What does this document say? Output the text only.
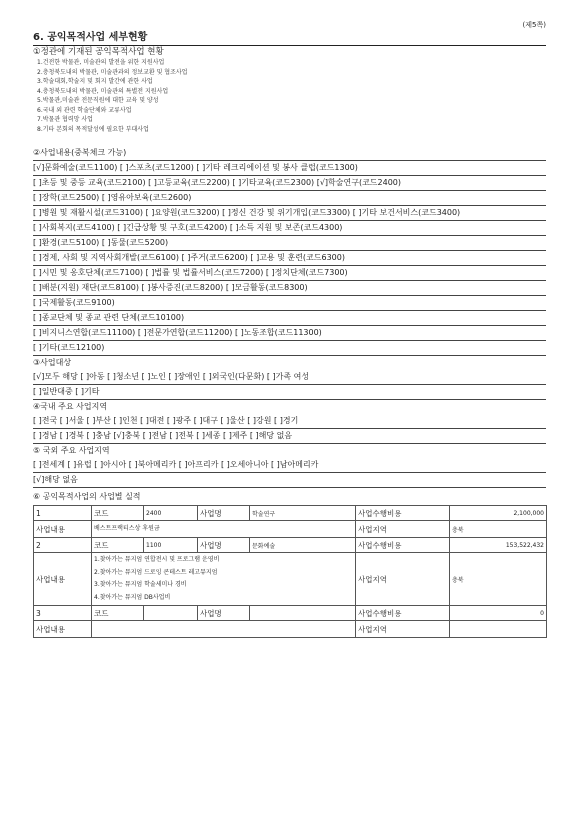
(제5쪽)
6. 공익목적사업 세부현황
①정관에 기재된 공익목적사업 현황
1.건전한 박물관, 미술관의 발전을 위한 지원사업
2.충청북도내의 박물관, 미술관과의 정보교환 및 협조사업
3.학술대회,학술지 및 회지 발간에 관한 사업
4.충청북도내의 박물관, 미술관의 특별전 지원사업
5.박물관,미술관 전문직원에 대한 교육 및 양성
6.국내 외 관련 학술단체와 교류사업
7.박물관 협력망 사업
8.기타 본회의 목적달성에 필요한 부대사업
②사업내용(중복체크 가능)
[√]문화예술(코드1100) [ ]스포츠(코드1200) [ ]기타 레크리에이션 및 봉사 클럽(코드1300)
[ ]초등 및 중등 교육(코드2100) [ ]고등교육(코드2200) [ ]기타교육(코드2300) [√]학술연구(코드2400)
[ ]장학(코드2500) [ ]영유아보육(코드2600)
[ ]병원 및 재활시설(코드3100) [ ]요양원(코드3200) [ ]정신 건강 및 위기개입(코드3300) [ ]기타 보건서비스(코드3400)
[ ]사회복지(코드4100) [ ]긴급상황 및 구호(코드4200) [ ]소득 지원 및 보존(코드4300)
[ ]환경(코드5100) [ ]동물(코드5200)
[ ]경제, 사회 및 지역사회개발(코드6100) [ ]주거(코드6200) [ ]고용 및 훈련(코드6300)
[ ]시민 및 옹호단체(코드7100) [ ]법률 및 법률서비스(코드7200) [ ]정치단체(코드7300)
[ ]배분(지원) 재단(코드8100) [ ]봉사증진(코드8200) [ ]모금활동(코드8300)
[ ]국제활동(코드9100)
[ ]종교단체 및 종교 관련 단체(코드10100)
[ ]비지니스연합(코드11100) [ ]전문가연합(코드11200) [ ]노동조합(코드11300)
[ ]기타(코드12100)
③사업대상
[√]모두 해당 [ ]아동 [ ]청소년 [ ]노인 [ ]장애인 [ ]외국인(다문화) [ ]가족 여성
[ ]일반대중 [ ]기타
④국내 주요 사업지역
[ ]전국 [ ]서울 [ ]부산 [ ]인천 [ ]대전 [ ]광주 [ ]대구 [ ]울산 [ ]강원 [ ]경기
[ ]경남 [ ]경북 [ ]충남 [√]충북 [ ]전남 [ ]전북 [ ]세종 [ ]제주 [ ]해당 없음
⑤ 국외 주요 사업지역
[ ]전세계 [ ]유럽 [ ]아시아 [ ]북아메리카 [ ]아프리카 [ ]오세아니아 [ ]남아메리카
[√]해당 없음
⑥ 공익목적사업의 사업별 실적
1	코드	2400	사업명	학술연구	사업수행비용	2,100,000
사업내용	베스트프랙티스상 후원금				사업지역	충북
2	코드	1100	사업명	문화예술	사업수행비용	153,522,432
사업내용	1.찾아가는 뮤지엄 연합전시 및 프로그램 운영비
2.찾아가는 뮤지엄 드로잉 콘테스트 레고뮤지엄
3.찾아가는 뮤지엄 학술세미나 경비
4.찾아가는 뮤지엄 DB사업비				사업지역	충북
3	코드		사업명		사업수행비용	0
사업내용					사업지역	
